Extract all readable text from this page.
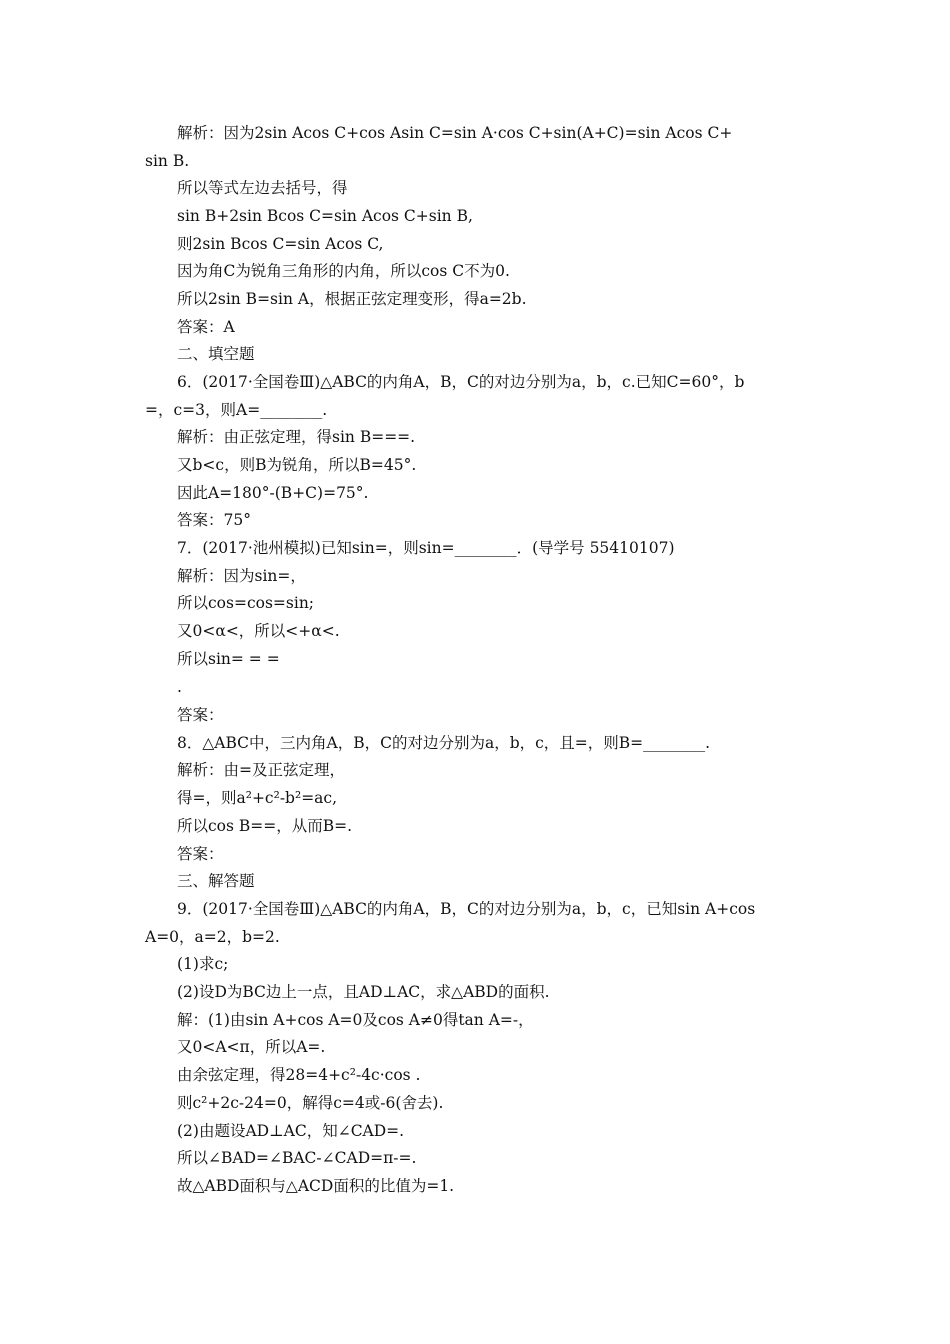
解析：因为2sin Acos C+cos Asin C=sin A·cos C+sin(A+C)=sin Acos C+
sin B.
所以等式左边去括号，得
sin B+2sin Bcos C=sin Acos C+sin B,
则2sin Bcos C=sin Acos C,
因为角C为锐角三角形的内角，所以cos C不为0.
所以2sin B=sin A，根据正弦定理变形，得a=2b.
答案：A
二、填空题
6．(2017·全国卷Ⅲ)△ABC的内角A，B，C的对边分别为a，b，c.已知C=60°，b
=，c=3，则A=________.
解析：由正弦定理，得sin B===.
又b<c，则B为锐角，所以B=45°.
因此A=180°-(B+C)=75°.
答案：75°
7．(2017·池州模拟)已知sin=，则sin=________．(导学号 55410107)
解析：因为sin=，
所以cos=cos=sin;
又0<α<，所以<+α<.
所以sin= = =
.
答案：
8．△ABC中，三内角A，B，C的对边分别为a，b，c，且=，则B=________.
解析：由=及正弦定理，
得=，则a²+c²-b²=ac,
所以cos B==，从而B=.
答案：
三、解答题
9．(2017·全国卷Ⅲ)△ABC的内角A，B，C的对边分别为a，b，c，已知sin A+cos
A=0，a=2，b=2.
(1)求c;
(2)设D为BC边上一点，且AD⊥AC，求△ABD的面积.
解：(1)由sin A+cos A=0及cos A≠0得tan A=-，
又0<A<π，所以A=.
由余弦定理，得28=4+c²-4c·cos .
则c²+2c-24=0，解得c=4或-6(舍去).
(2)由题设AD⊥AC，知∠CAD=.
所以∠BAD=∠BAC-∠CAD=π-=.
故△ABD面积与△ACD面积的比值为=1.
